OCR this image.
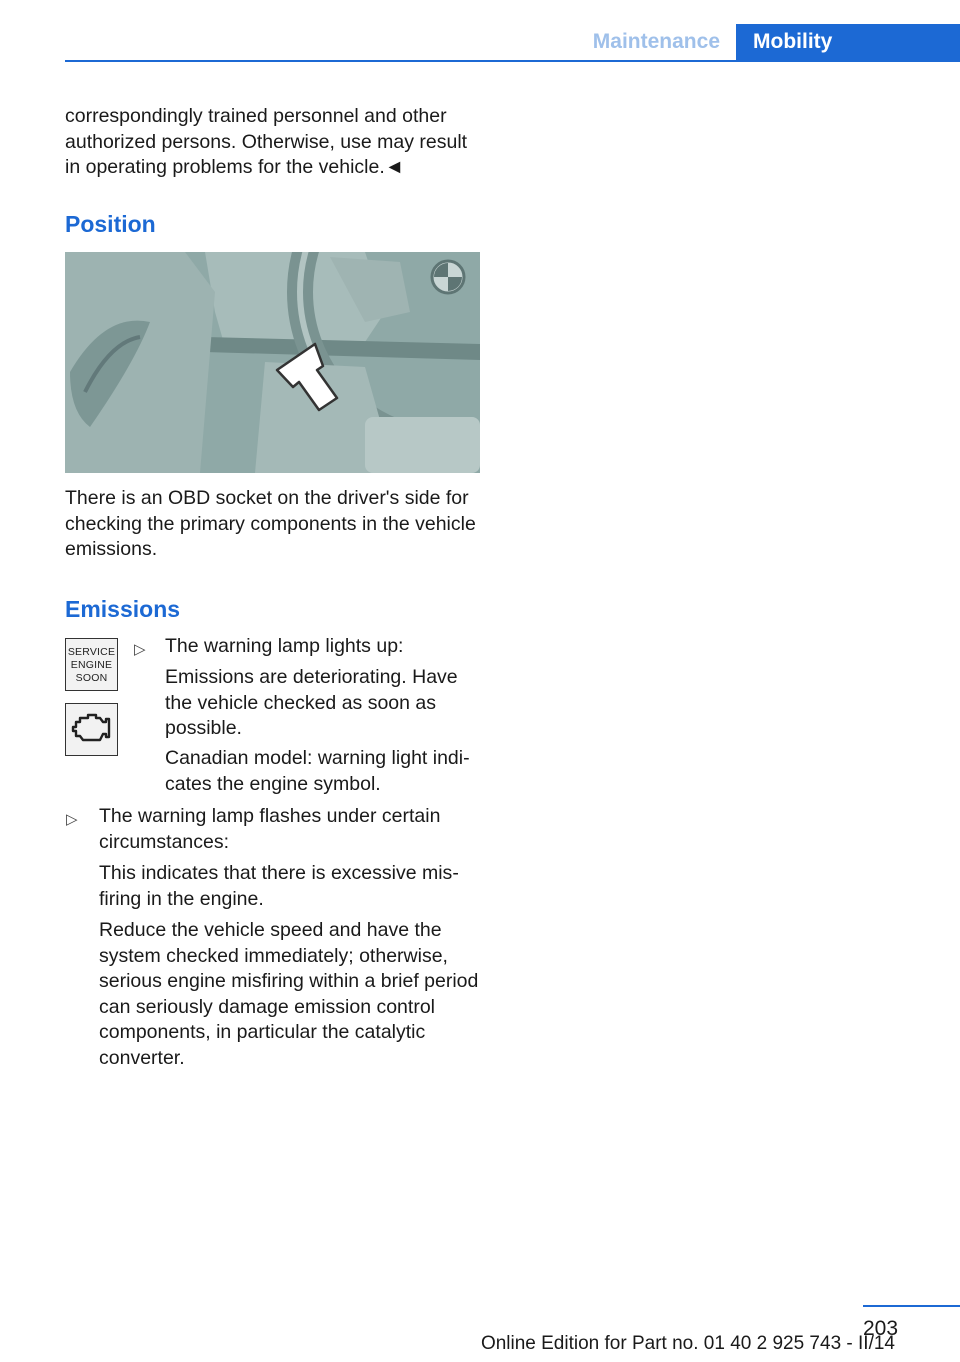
Maintenance	Mobility

correspondingly trained personnel and other authorized persons. Otherwise, use may result in operating problems for the vehicle.◄

Position

There is an OBD socket on the driver's side for checking the primary components in the vehicle emissions.

Emissions
SERVICE
ENGINE
SOON
▷ The warning lamp lights up:

Emissions are deteriorating. Have the vehicle checked as soon as possible.

Canadian model: warning light indicates the engine symbol.

▷ The warning lamp flashes under certain circumstances:

This indicates that there is excessive misfiring in the engine.

Reduce the vehicle speed and have the system checked immediately; otherwise, serious engine misfiring within a brief period can seriously damage emission control components, in particular the catalytic converter.

203
Online Edition for Part no. 01 40 2 925 743 - II/14
